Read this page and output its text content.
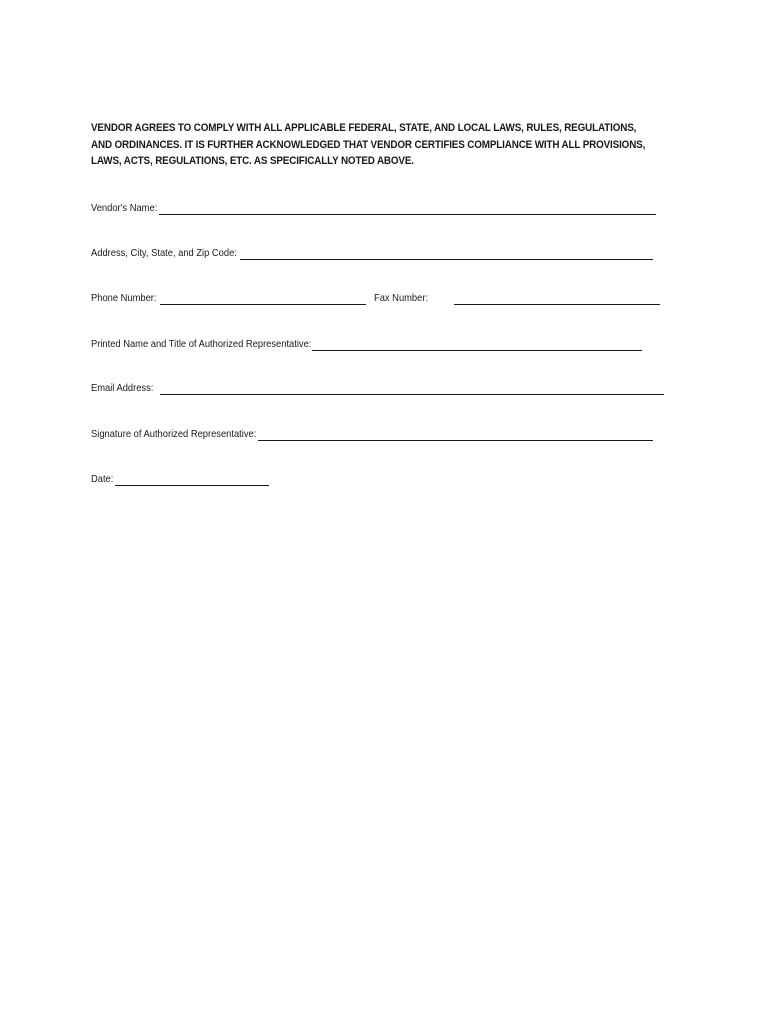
VENDOR AGREES TO COMPLY WITH ALL APPLICABLE FEDERAL, STATE, AND LOCAL LAWS, RULES, REGULATIONS, AND ORDINANCES. IT IS FURTHER ACKNOWLEDGED THAT VENDOR CERTIFIES COMPLIANCE WITH ALL PROVISIONS, LAWS, ACTS, REGULATIONS, ETC. AS SPECIFICALLY NOTED ABOVE.

Vendor's Name:
Address, City, State, and Zip Code:
Phone Number:	Fax Number:
Printed Name and Title of Authorized Representative:
Email Address:
Signature of Authorized Representative:
Date:
